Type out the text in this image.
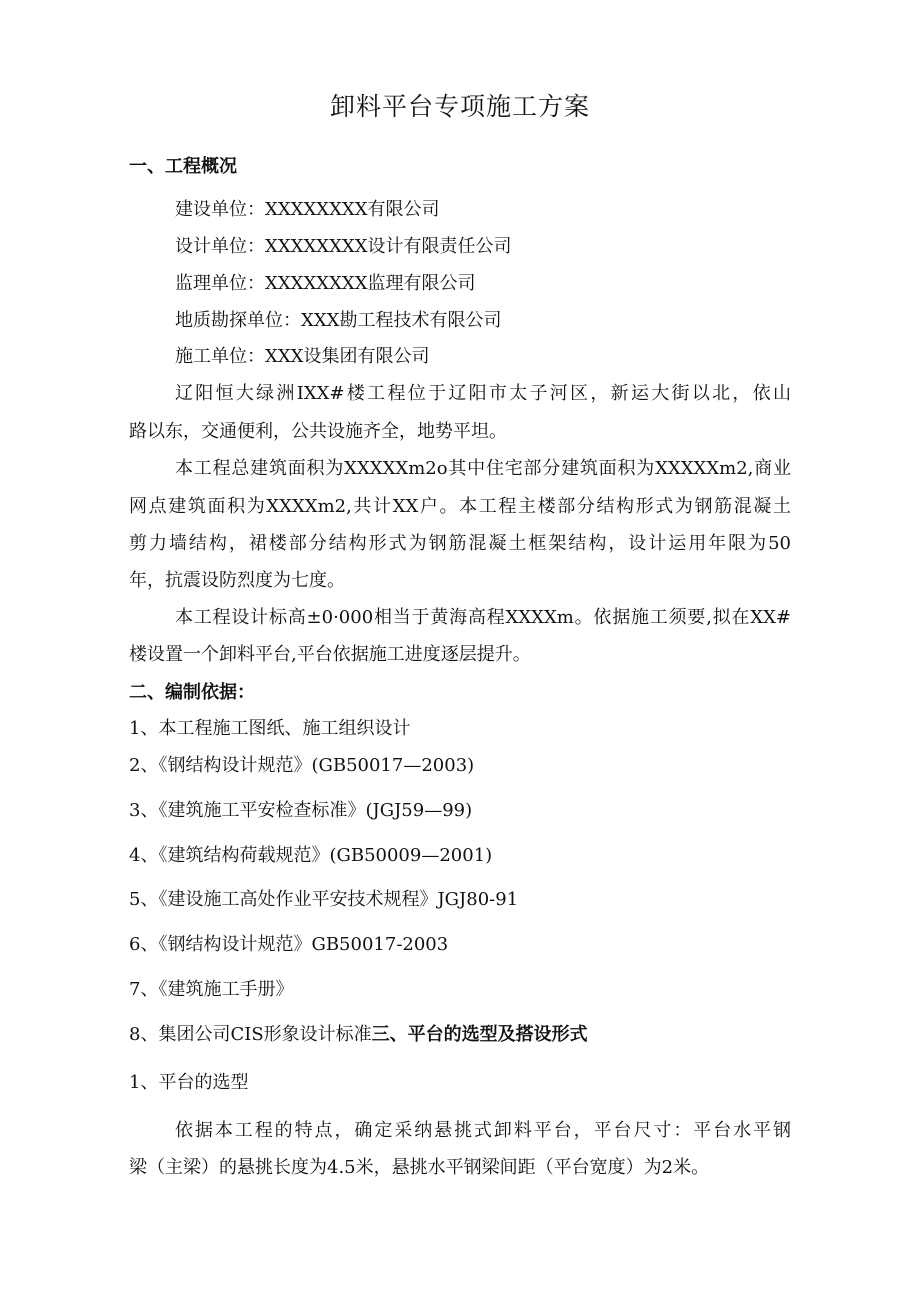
卸料平台专项施工方案
一、工程概况
建设单位：XXXXXXXX有限公司
设计单位：XXXXXXXX设计有限责任公司
监理单位：XXXXXXXX监理有限公司
地质勘探单位：XXX勘工程技术有限公司
施工单位：XXX设集团有限公司
辽阳恒大绿洲IXX#楼工程位于辽阳市太子河区，新运大街以北，依山
路以东，交通便利，公共设施齐全，地势平坦。
本工程总建筑面积为XXXXXm2o其中住宅部分建筑面积为XXXXXm2,商业
网点建筑面积为XXXXm2,共计XX户。本工程主楼部分结构形式为钢筋混凝土
剪力墙结构，裙楼部分结构形式为钢筋混凝土框架结构，设计运用年限为50
年，抗震设防烈度为七度。
本工程设计标高±0·000相当于黄海高程XXXXm。依据施工须要,拟在XX#
楼设置一个卸料平台,平台依据施工进度逐层提升。
二、编制依据：
1、本工程施工图纸、施工组织设计
2、《钢结构设计规范》(GB50017—2003)
3、《建筑施工平安检查标准》(JGJ59—99)
4、《建筑结构荷载规范》(GB50009—2001)
5、《建设施工高处作业平安技术规程》JGJ80-91
6、《钢结构设计规范》GB50017-2003
7、《建筑施工手册》
8、集团公司CIS形象设计标准三、平台的选型及搭设形式
1、平台的选型
依据本工程的特点，确定采纳悬挑式卸料平台，平台尺寸：平台水平钢
梁（主梁）的悬挑长度为4.5米，悬挑水平钢梁间距（平台宽度）为2米。
